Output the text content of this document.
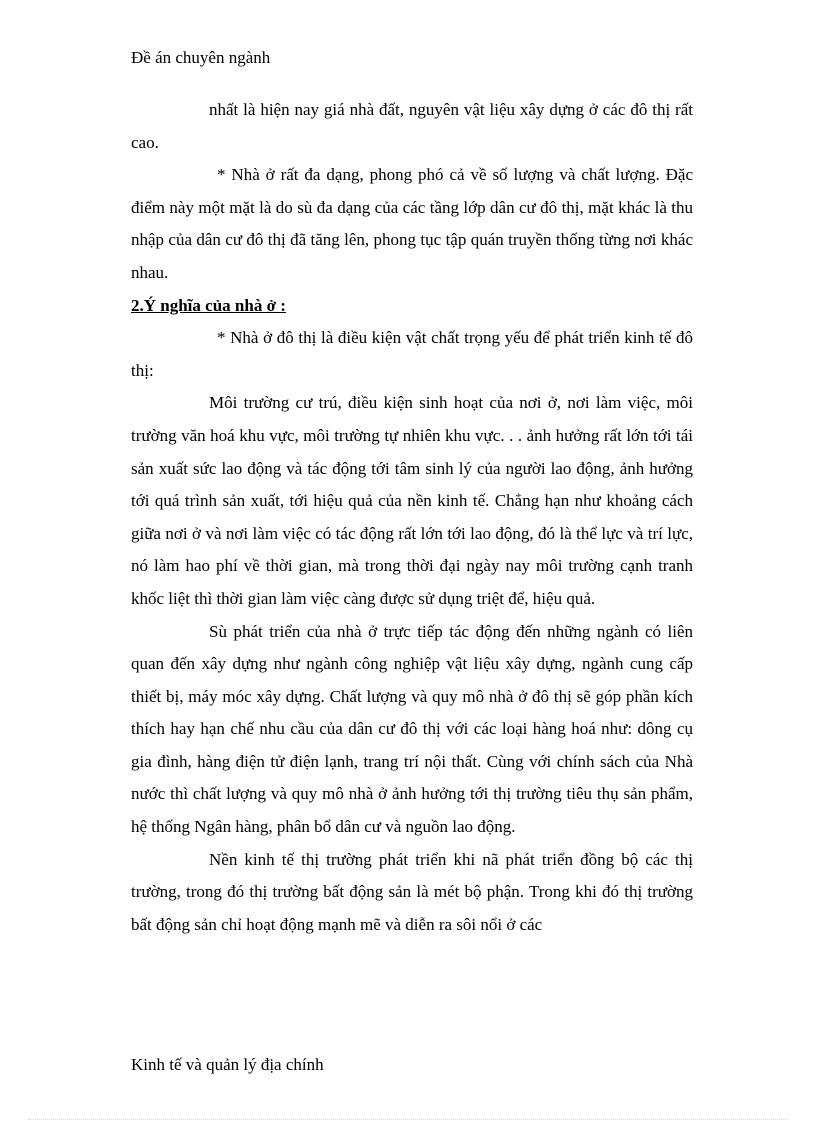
Đề án chuyên ngành

nhất là hiện nay giá nhà đất, nguyên vật liệu xây dựng ở các đô thị rất cao.

* Nhà ở rất đa dạng, phong phó cả về số lượng và chất lượng. Đặc điểm này một mặt là do sù đa dạng của các tầng lớp dân cư đô thị, mặt khác là thu nhập của dân cư đô thị đã tăng lên, phong tục tập quán truyền thống từng nơi khác nhau.

2.Ý nghĩa của nhà ở :

* Nhà ở đô thị là điều kiện vật chất trọng yếu để phát triển kinh tế đô thị:

Môi trường cư trú, điều kiện sinh hoạt của nơi ở, nơi làm việc, môi trường văn hoá khu vực, môi trường tự nhiên khu vực. . . ảnh hưởng rất lớn tới tái sản xuất sức lao động và tác động tới tâm sinh lý của người lao động, ảnh hưởng tới quá trình sản xuất, tới hiệu quả của nền kinh tế. Chẳng hạn như khoảng cách giữa nơi ở và nơi làm việc có tác động rất lớn tới lao động, đó là thể lực và trí lực, nó làm hao phí về thời gian, mà trong thời đại ngày nay môi trường cạnh tranh khốc liệt thì thời gian làm việc càng được sử dụng triệt để, hiệu quả.

Sù phát triển của nhà ở trực tiếp tác động đến những ngành có liên quan đến xây dựng như ngành công nghiệp vật liệu xây dựng, ngành cung cấp thiết bị, máy móc xây dựng. Chất lượng và quy mô nhà ở đô thị sẽ góp phần kích thích hay hạn chế nhu cầu của dân cư đô thị với các loại hàng hoá như: dông cụ gia đình, hàng điện tử điện lạnh, trang trí nội thất. Cùng với chính sách của Nhà nước thì chất lượng và quy mô nhà ở ảnh hưởng tới thị trường tiêu thụ sản phẩm, hệ thống Ngân hàng, phân bổ dân cư và nguồn lao động.

Nền kinh tế thị trường phát triển khi nã phát triển đồng bộ các thị trường, trong đó thị trường bất động sản là mét bộ phận. Trong khi đó thị trường bất động sản chỉ hoạt động mạnh mẽ và diễn ra sôi nổi ở các

Kinh tế và quản lý địa chính
